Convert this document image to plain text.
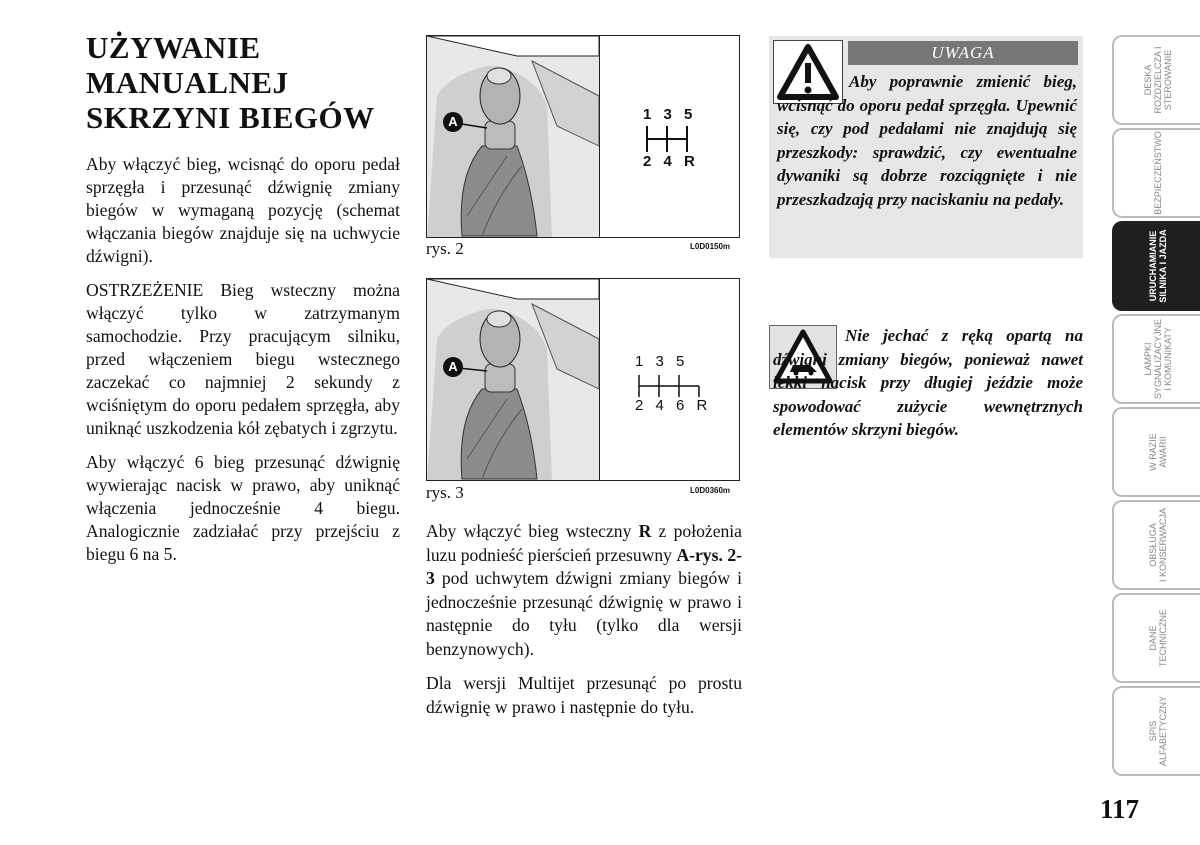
UŻYWANIE
MANUALNEJ
SKRZYNI BIEGÓW

Aby włączyć bieg, wcisnąć do oporu pedał sprzęgła i przesunąć dźwignię zmiany biegów w wymaganą pozycję (schemat włączania biegów znajduje się na uchwycie dźwigni).

OSTRZEŻENIE Bieg wsteczny można włączyć tylko w zatrzymanym samochodzie. Przy pracującym silniku, przed włączeniem biegu wstecznego zaczekać co najmniej 2 sekundy z wciśniętym do oporu pedałem sprzęgła, aby uniknąć uszkodzenia kół zębatych i zgrzytu.

Aby włączyć 6 bieg przesunąć dźwignię wywierając nacisk w prawo, aby uniknąć włączenia jednocześnie 4 biegu. Analogicznie zadziałać przy przejściu z biegu 6 na 5.

A	1 3 5
2 4 R
rys. 2	L0D0150m
A	1 3 5
2 4 6 R
rys. 3	L0D0360m

Aby włączyć bieg wsteczny R z położenia luzu podnieść pierścień przesuwny A-rys. 2-3 pod uchwytem dźwigni zmiany biegów i jednocześnie przesunąć dźwignię w prawo i następnie do tyłu (tylko dla wersji benzynowych).

Dla wersji Multijet przesunąć po prostu dźwignię w prawo i następnie do tyłu.

UWAGA
Aby poprawnie zmienić bieg, wcisnąć do oporu pedał sprzęgła. Upewnić się, czy pod pedałami nie znajdują się przeszkody: sprawdzić, czy ewentualne dywaniki są dobrze rozciągnięte i nie przeszkadzają przy naciskaniu na pedały.
Nie jechać z ręką opartą na dźwigni zmiany biegów, ponieważ nawet lekki nacisk przy długiej jeździe może spowodować zużycie wewnętrznych elementów skrzyni biegów.
DESKA
ROZDZIELCZA I
STEROWANIE
BEZPIECZEŃSTWO
URUCHAMIANIE
SILNIKA I JAZDA
LAMPKI
SYGNALIZACYJNE
I KOMUNIKATY
W RAZIE
AWARII
OBSŁUGA
I KONSERWACJA
DANE
TECHNICZNE
SPIS
ALFABETYCZNY
117
